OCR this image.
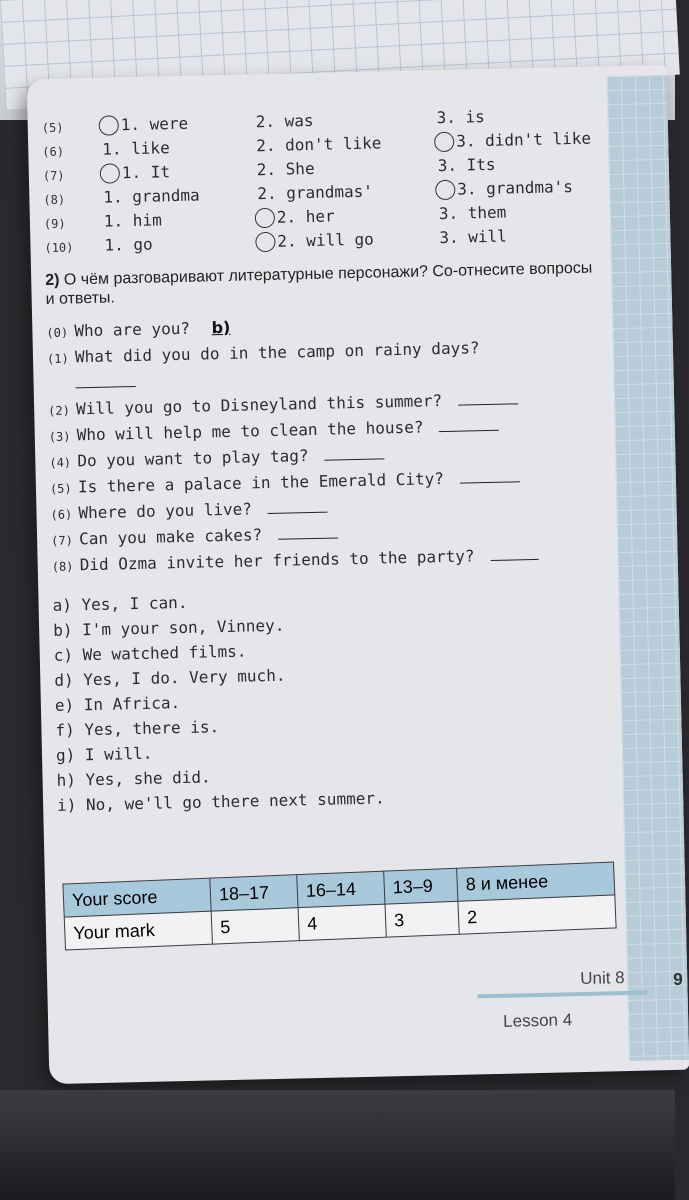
(5)	1. were	2. was	3. is
(6) 1. like	2. don't like	3. didn't like
(7)	1. It	2. She	3. Its
(8) 1. grandma	2. grandmas'	3. grandma's
(9) 1. him	2. her	3. them
(10) 1. go	2. will go	3. will
2) О чём разговаривают литературные персонажи? Со-отнесите вопросы и ответы.
(0) Who are you? b)
(1) What did you do in the camp on rainy days?

(2) Will you go to Disneyland this summer?
(3) Who will help me to clean the house?
(4) Do you want to play tag?
(5) Is there a palace in the Emerald City?
(6) Where do you live?
(7) Can you make cakes?
(8) Did Ozma invite her friends to the party?
a) Yes, I can.
b) I'm your son, Vinney.
c) We watched films.
d) Yes, I do. Very much.
e) In Africa.
f) Yes, there is.
g) I will.
h) Yes, she did.
i) No, we'll go there next summer.
Your score	18–17	16–14	13–9	8 и менее
Your mark	5	4	3	2
Unit 8
Lesson 4
9
